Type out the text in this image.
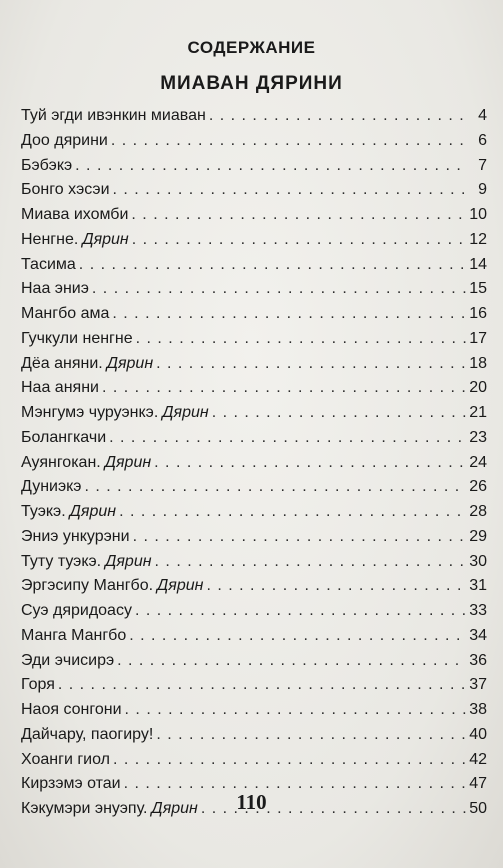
СОДЕРЖАНИЕ
МИАВАН ДЯРИНИ
Туй эгди ивэнкин миаван . . .	4
Доо дярини . . .	6
Бэбэкэ . . .	7
Бонго хэсэи . . .	9
Миава ихомби . . .	10
Ненгне. Дярин . . .	12
Тасима . . .	14
Наа эниэ . . .	15
Мангбо ама . . .	16
Гучкули ненгне . . .	17
Дёа аняни. Дярин . . .	18
Наа аняни . . .	20
Мэнгумэ чуруэнкэ. Дярин . . .	21
Болангкачи . . .	23
Ауянгокан. Дярин . . .	24
Дуниэкэ . . .	26
Туэкэ. Дярин . . .	28
Эниэ ункурэни . . .	29
Туту туэкэ. Дярин . . .	30
Эргэсипу Мангбо. Дярин . . .	31
Суэ дяридоасу . . .	33
Манга Мангбо . . .	34
Эди эчисирэ . . .	36
Горя . . .	37
Наоя сонгони . . .	38
Дайчару, паогиру! . . .	40
Хоанги гиол . . .	42
Кирзэмэ отаи . . .	47
Кэкумэри энуэпу. Дярин . . .	50

110
